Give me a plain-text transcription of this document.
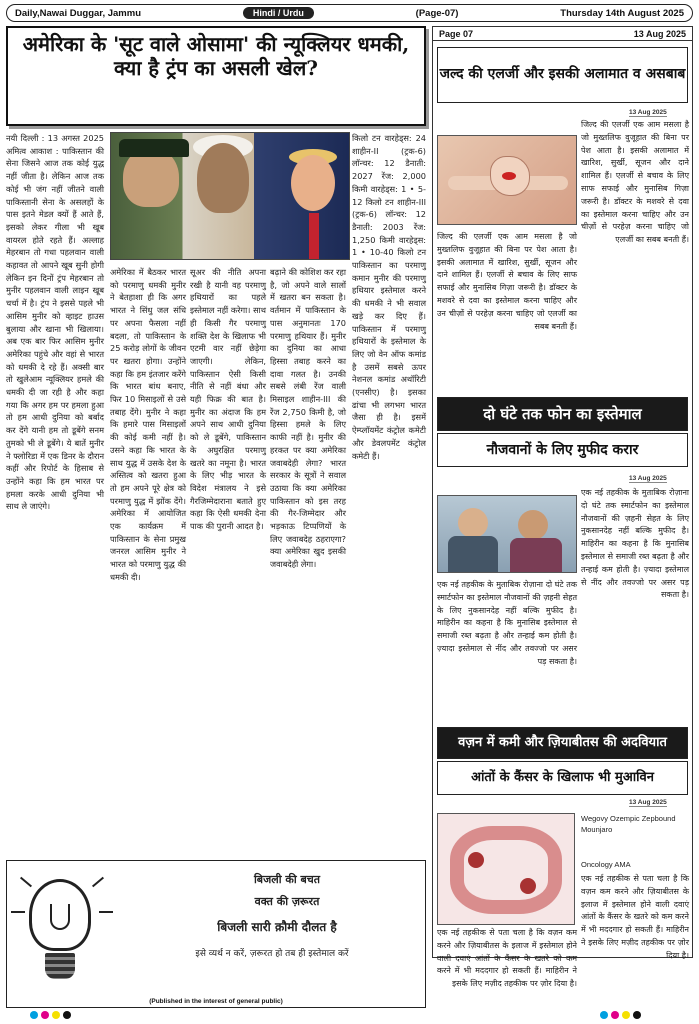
Daily,Nawai Duggar, Jammu	Hindi / Urdu	(Page-07)	Thursday 14th August 2025
अमेरिका के 'सूट वाले ओसामा' की न्यूक्लियर धमकी, क्या है ट्रंप का असली खेल?

नयी दिल्ली : 13 अगस्त 2025 अमित्व आकाश : पाकिस्तान की सेना जिसने आज तक कोई युद्ध नहीं जीता है। लेकिन आज तक कोई भी जंग नहीं जीतने वाली पाकिस्तानी सेना के असलहों के पास इतने मेडल क्यों हैं आते हैं, इसको लेकर गीला भी खूब वायरल होते रहते हैं। अल्लाह मेहरबान तो गधा पहलवान वाली कहावत तो आपने खूब सुनी होगी लेकिन इन दिनों ट्रंप मेहरबान तो मुनीर पहलवान वाली लाइन खूब चर्चा में है। ट्रंप ने इससे पहले भी आसिम मुनीर को व्हाइट हाउस बुलाया और खाना भी खिलाया। अब एक बार फिर आसिम मुनीर अमेरिका पहुंचे और वहां से भारत को धमकी दे रहे हैं। अक्सी बार तो खुलेआम न्यूक्लियर हमले की धमकी दी जा रही है और कहा गया कि अगर हम पर हमला हुआ तो हम आधी दुनिया को बर्बाद कर देंगे यानी हम तो डूबेंगे सनम तुमको भी ले डूबेंगे। ये बातें मुनीर ने फ्लोरिडा में एक डिनर के दौरान कहीं और रिपोर्ट के हिसाब से उन्होंने कहा कि हम भारत पर हमला करके आधी दुनिया भी साथ ले जाएंगे।

अमेरिका में बैठकर भारत को परमाणु धमकी मुनीर ने बेतहाशा ही कि अगर भारत ने सिंधु जल संधि पर अपना फैसला नहीं बदला, तो पाकिस्तान के 25 करोड़ लोगों के जीवन पर खतरा होगा। उन्होंने कहा कि हम इंतजार करेंगे कि भारत बांध बनाए, फिर 10 मिसाइलों से उसे तबाह देंगे। मुनीर ने कहा कि हमारे पास मिसाइलों की कोई कमी नहीं है। उसने कहा कि भारत के साथ युद्ध में उसके देश के अस्तित्व को खतरा हुआ तो हम अपने पूरे क्षेत्र को परमाणु युद्ध में झोंक देंगे। अमेरिका में आयोजित एक कार्यक्रम में पाकिस्तान के सेना प्रमुख जनरल आसिम मुनीर ने भारत को परमाणु युद्ध की धमकी दी।

सूअर की नीति अपना रखी है यानी वह परमाणु हथियारों का पहले इस्तेमाल नहीं करेगा। साथ ही किसी गैर परमाणु शक्ति देश के खिलाफ भी एटमी वार नहीं छेड़ेगा जाएगी। लेकिन, पाकिस्तान ऐसी किसी नीति से नहीं बंधा और यही फिक्र की बात है। मुनीर का अंदाज कि हम अपने साथ आधी दुनिया को ले डूबेंगे, पाकिस्तान के अघुरक्षित परमाणु खतरे का नमूना है। भारत के लिए भीड़ भारत के विदेश मंत्रालय ने इसे गैरजिम्मेदाराना बताते हुए कहा कि ऐसी धमकी देना पाक की पुरानी आदत है।

बढ़ाने की कोशिश कर रहा है, जो अपने वाले सालों में खतरा बन सकता है। वर्तमान में पाकिस्तान के पास अनुमानतः 170 परमाणु हथियार हैं। मुनीर का दुनिया का आधा हिस्सा तबाह करने का दावा गलत है। उनकी सबसे लंबी रेंज वाली मिसाइल शाहीन-III की रेंज 2,750 किमी है, जो हिस्सा हमले के लिए काफी नहीं है। मुनीर की हरकत पर क्या अमेरिका जवाबदेही लेगा? भारत सरकार के सूत्रों ने सवाल उठाया कि क्या अमेरिका पाकिस्तान को इस तरह की गैर-जिम्मेदार और भड़काऊ टिप्पणियों के लिए जवाबदेह ठहराएगा? क्या अमेरिका खुद इसकी जवाबदेही लेगा।

किलो टन वारहेड्स: 24 शाहीन-II (ट्रक-6) लॉन्चर: 12 डैनाती: 2027 रेंज: 2,000 किमी वारहेड्स: 1 • 5-12 किलो टन शाहीन-III (ट्रक-6) लॉन्चर: 12 डैनाती: 2003 रेंज: 1,250 किमी वारहेड्स: 1 • 10-40 किलो टन पाकिस्तान का परमाणु कमान मुनीर की परमाणु हथियार इस्तेमाल करने की धमकी ने भी सवाल खड़े कर दिए हैं। पाकिस्तान में परमाणु हथियारों के इस्तेमाल के लिए जो वेन ऑफ कमांड है उसमें सबसे ऊपर नेशनल कमांड अथॉरिटी (एनसीए) है। इसका ढांचा भी लगभग भारत जैसा ही है। इसमें ऐम्प्लॉयमेंट कंट्रोल कमेटी और डेवलपमेंट कंट्रोल कमेटी हैं।

बिजली की बचत
वक्त की ज़रूरत
बिजली सारी क़ौमी दौलत है
इसे व्यर्थ न करें, ज़रूरत हो तब ही इस्तेमाल करें
(Published in the interest of general public)
Page 07	13 Aug 2025
जल्द की एलर्जी और इसकी अलामात व असबाब
13 Aug 2025
जिल्द की एलर्जी एक आम मसला है जो मुख्तलिफ वुजूहात की बिना पर पेश आता है। इसकी अलामात में खारिश, सुर्खी, सूजन और दाने शामिल हैं। एलर्जी से बचाव के लिए साफ सफाई और मुनासिब गिज़ा जरूरी है। डॉक्टर के मशवरे से दवा का इस्तेमाल करना चाहिए और उन चीज़ों से परहेज़ करना चाहिए जो एलर्जी का सबब बनती हैं।
जिल्द की एलर्जी एक आम मसला है जो मुख्तलिफ वुजूहात की बिना पर पेश आता है। इसकी अलामात में खारिश, सुर्खी, सूजन और दाने शामिल हैं। एलर्जी से बचाव के लिए साफ सफाई और मुनासिब गिज़ा जरूरी है। डॉक्टर के मशवरे से दवा का इस्तेमाल करना चाहिए और उन चीज़ों से परहेज़ करना चाहिए जो एलर्जी का सबब बनती हैं।
दो घंटे तक फोन का इस्तेमाल
नौजवानों के लिए मुफीद करार
13 Aug 2025
एक नई तहकीक के मुताबिक रोज़ाना दो घंटे तक स्मार्टफोन का इस्तेमाल नौजवानों की ज़हनी सेहत के लिए नुकसानदेह नहीं बल्कि मुफीद है। माहिरीन का कहना है कि मुनासिब इस्तेमाल से समाजी रब्त बढ़ता है और तन्हाई कम होती है। ज़्यादा इस्तेमाल से नींद और तवज्जो पर असर पड़ सकता है।
एक नई तहकीक के मुताबिक रोज़ाना दो घंटे तक स्मार्टफोन का इस्तेमाल नौजवानों की ज़हनी सेहत के लिए नुकसानदेह नहीं बल्कि मुफीद है। माहिरीन का कहना है कि मुनासिब इस्तेमाल से समाजी रब्त बढ़ता है और तन्हाई कम होती है। ज़्यादा इस्तेमाल से नींद और तवज्जो पर असर पड़ सकता है।
वज़न में कमी और ज़ियाबीतस की अदवियात
आंतों के कैंसर के खिलाफ भी मुआविन
13 Aug 2025
Wegovy Ozempic Zepbound Mounjaro
Oncology AMA
एक नई तहकीक से पता चला है कि वज़न कम करने और ज़ियाबीतस के इलाज में इस्तेमाल होने वाली दवाएं आंतों के कैंसर के खतरे को कम करने में भी मददगार हो सकती हैं। माहिरीन ने इसके लिए मज़ीद तहकीक पर ज़ोर दिया है।
एक नई तहकीक से पता चला है कि वज़न कम करने और ज़ियाबीतस के इलाज में इस्तेमाल होने वाली दवाएं आंतों के कैंसर के खतरे को कम करने में भी मददगार हो सकती हैं। माहिरीन ने इसके लिए मज़ीद तहकीक पर ज़ोर दिया है।
